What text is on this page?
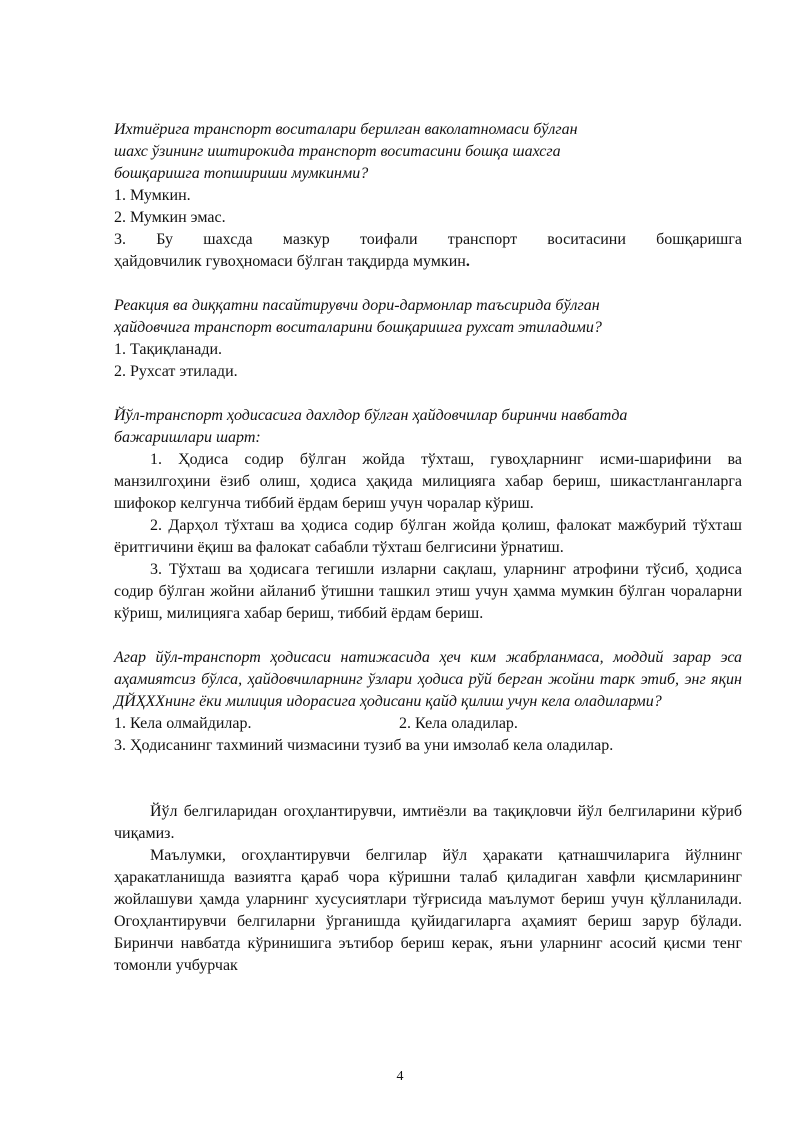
Ихтиёрига транспорт воситалари берилган ваколатномаси бўлган

шахс ўзининг иштирокида транспорт воситасини бошқа шахсга

бошқаришга топшириши мумкинми?

1. Мумкин.

2. Мумкин эмас.

3. Бу шахсда мазкур тоифали транспорт воситасини бошқаришга

ҳайдовчилик гувоҳномаси бўлган тақдирда мумкин.

Реакция ва диққатни пасайтирувчи дори-дармонлар таъсирида бўлган

ҳайдовчига транспорт воситаларини бошқаришга рухсат этиладими?

1. Тақиқланади.

2. Рухсат этилади.

Йўл-транспорт ҳодисасига дахлдор бўлган ҳайдовчилар биринчи навбатда

бажаришлари шарт:

1. Ҳодиса содир бўлган жойда тўхташ, гувоҳларнинг исми-шарифини ва манзилгоҳини ёзиб олиш, ҳодиса ҳақида милицияга хабар бериш, шикастланганларга шифокор келгунча тиббий ёрдам бериш учун чоралар кўриш.

2. Дарҳол тўхташ ва ҳодиса содир бўлган жойда қолиш, фалокат мажбурий тўхташ ёритгичини ёқиш ва фалокат сабабли тўхташ белгисини ўрнатиш.

3. Тўхташ ва ҳодисага тегишли изларни сақлаш, уларнинг атрофини тўсиб, ҳодиса содир бўлган жойни айланиб ўтишни ташкил этиш учун ҳамма мумкин бўлган чораларни кўриш, милицияга хабар бериш, тиббий ёрдам бериш.

Агар йўл-транспорт ҳодисаси натижасида ҳеч ким жабрланмаса, моддий зарар эса аҳамиятсиз бўлса, ҳайдовчиларнинг ўзлари ҳодиса рўй берган жойни тарк этиб, энг яқин ДЙҲХХнинг ёки милиция идорасига ҳодисани қайд қилиш учун кела оладиларми?

1. Кела олмайдилар.	2. Кела оладилар.

3. Ҳодисанинг тахминий чизмасини тузиб ва уни имзолаб кела оладилар.

Йўл белгиларидан огоҳлантирувчи, имтиёзли ва тақиқловчи йўл белгиларини кўриб чиқамиз.

Маълумки, огоҳлантирувчи белгилар йўл ҳаракати қатнашчиларига йўлнинг ҳаракатланишда вазиятга қараб чора кўришни талаб қиладиган хавфли қисмларининг жойлашуви ҳамда уларнинг хусусиятлари тўғрисида маълумот бериш учун қўлланилади. Огоҳлантирувчи белгиларни ўрганишда қуйидагиларга аҳамият бериш зарур бўлади. Биринчи навбатда кўринишига эътибор бериш керак, яъни уларнинг асосий қисми тенг томонли учбурчак

4
